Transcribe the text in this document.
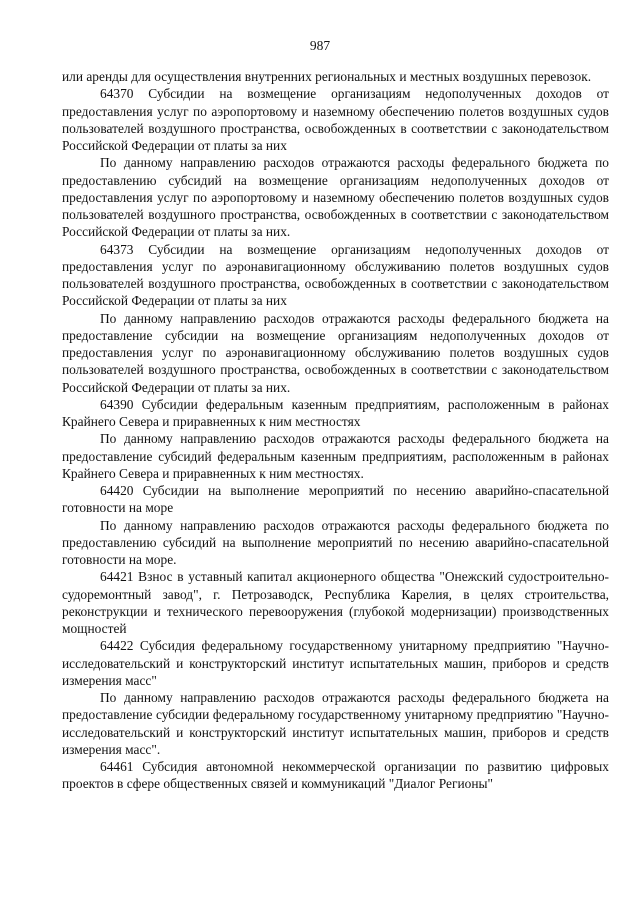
987

или аренды для осуществления внутренних региональных и местных воздушных перевозок.

64370 Субсидии на возмещение организациям недополученных доходов от предоставления услуг по аэропортовому и наземному обеспечению полетов воздушных судов пользователей воздушного пространства, освобожденных в соответствии с законодательством Российской Федерации от платы за них

По данному направлению расходов отражаются расходы федерального бюджета по предоставлению субсидий на возмещение организациям недополученных доходов от предоставления услуг по аэропортовому и наземному обеспечению полетов воздушных судов пользователей воздушного пространства, освобожденных в соответствии с законодательством Российской Федерации от платы за них.

64373 Субсидии на возмещение организациям недополученных доходов от предоставления услуг по аэронавигационному обслуживанию полетов воздушных судов пользователей воздушного пространства, освобожденных в соответствии с законодательством Российской Федерации от платы за них

По данному направлению расходов отражаются расходы федерального бюджета на предоставление субсидии на возмещение организациям недополученных доходов от предоставления услуг по аэронавигационному обслуживанию полетов воздушных судов пользователей воздушного пространства, освобожденных в соответствии с законодательством Российской Федерации от платы за них.

64390 Субсидии федеральным казенным предприятиям, расположенным в районах Крайнего Севера и приравненных к ним местностях

По данному направлению расходов отражаются расходы федерального бюджета на предоставление субсидий федеральным казенным предприятиям, расположенным в районах Крайнего Севера и приравненных к ним местностях.

64420 Субсидии на выполнение мероприятий по несению аварийно-спасательной готовности на море

По данному направлению расходов отражаются расходы федерального бюджета по предоставлению субсидий на выполнение мероприятий по несению аварийно-спасательной готовности на море.

64421 Взнос в уставный капитал акционерного общества "Онежский судостроительно-судоремонтный завод", г. Петрозаводск, Республика Карелия, в целях строительства, реконструкции и технического перевооружения (глубокой модернизации) производственных мощностей

64422 Субсидия федеральному государственному унитарному предприятию "Научно-исследовательский и конструкторский институт испытательных машин, приборов и средств измерения масс"

По данному направлению расходов отражаются расходы федерального бюджета на предоставление субсидии федеральному государственному унитарному предприятию "Научно-исследовательский и конструкторский институт испытательных машин, приборов и средств измерения масс".

64461 Субсидия автономной некоммерческой организации по развитию цифровых проектов в сфере общественных связей и коммуникаций "Диалог Регионы"
